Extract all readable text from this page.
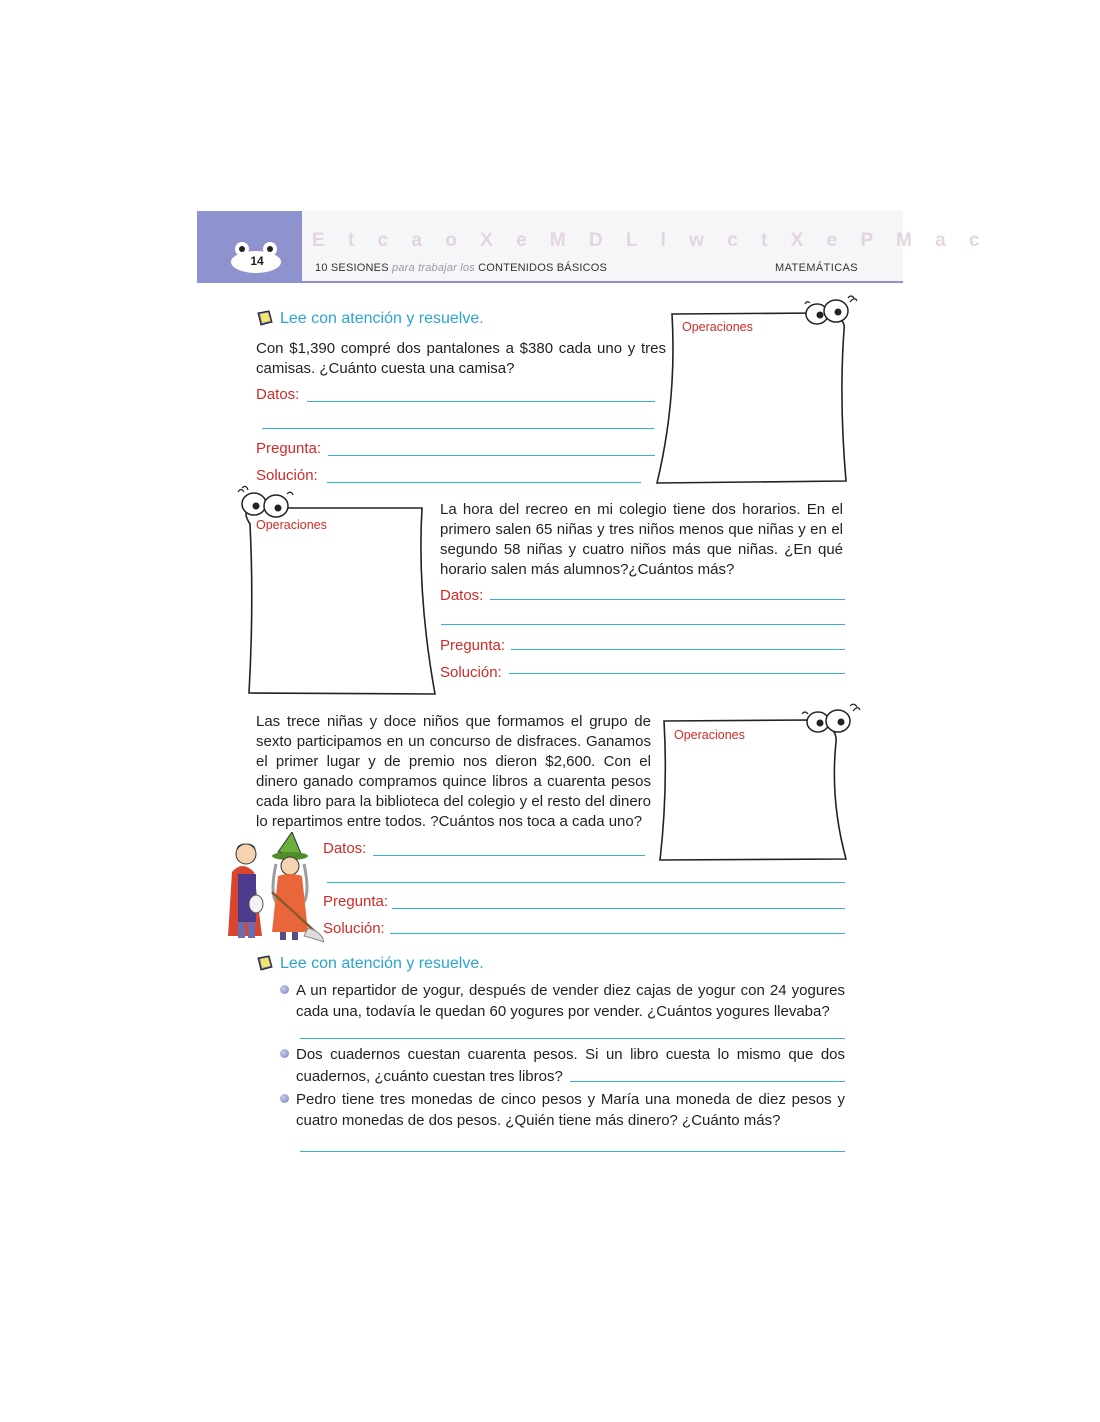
E t c a o X e M D L l w c t X e P M a c
14	10 SESIONES para trabajar los CONTENIDOS BÁSICOS	MATEMÁTICAS
Lee con atención y resuelve.
Con $1,390 compré dos pantalones a $380 cada uno y tres camisas. ¿Cuánto cuesta una camisa?
Datos:
Pregunta:
Solución:
Operaciones
Operaciones
La hora del recreo en mi colegio tiene dos horarios. En el primero salen 65 niñas y tres niños menos que niñas y en el segundo 58 niñas y cuatro niños más que niñas. ¿En qué horario salen más alumnos?¿Cuántos más?
Datos:
Pregunta:
Solución:
Las trece niñas y doce niños que formamos el grupo de sexto participamos en un concurso de disfraces. Ganamos el primer lugar y de premio nos dieron $2,600. Con el dinero ganado compramos quince libros a cuarenta pesos cada libro para la biblioteca del colegio y el resto del dinero lo repartimos entre todos. ?Cuántos nos toca a cada uno?
Operaciones
Datos:
Pregunta:
Solución:
Lee con atención y resuelve.
A un repartidor de yogur, después de vender diez cajas de yogur con 24 yogures cada una, todavía le quedan 60 yogures por vender. ¿Cuántos yogures llevaba?
Dos cuadernos cuestan cuarenta pesos. Si un libro cuesta lo mismo que dos cuadernos, ¿cuánto cuestan tres libros?
Pedro tiene tres monedas de cinco pesos y María una moneda de diez pesos y cuatro monedas de dos pesos. ¿Quién tiene más dinero? ¿Cuánto más?
